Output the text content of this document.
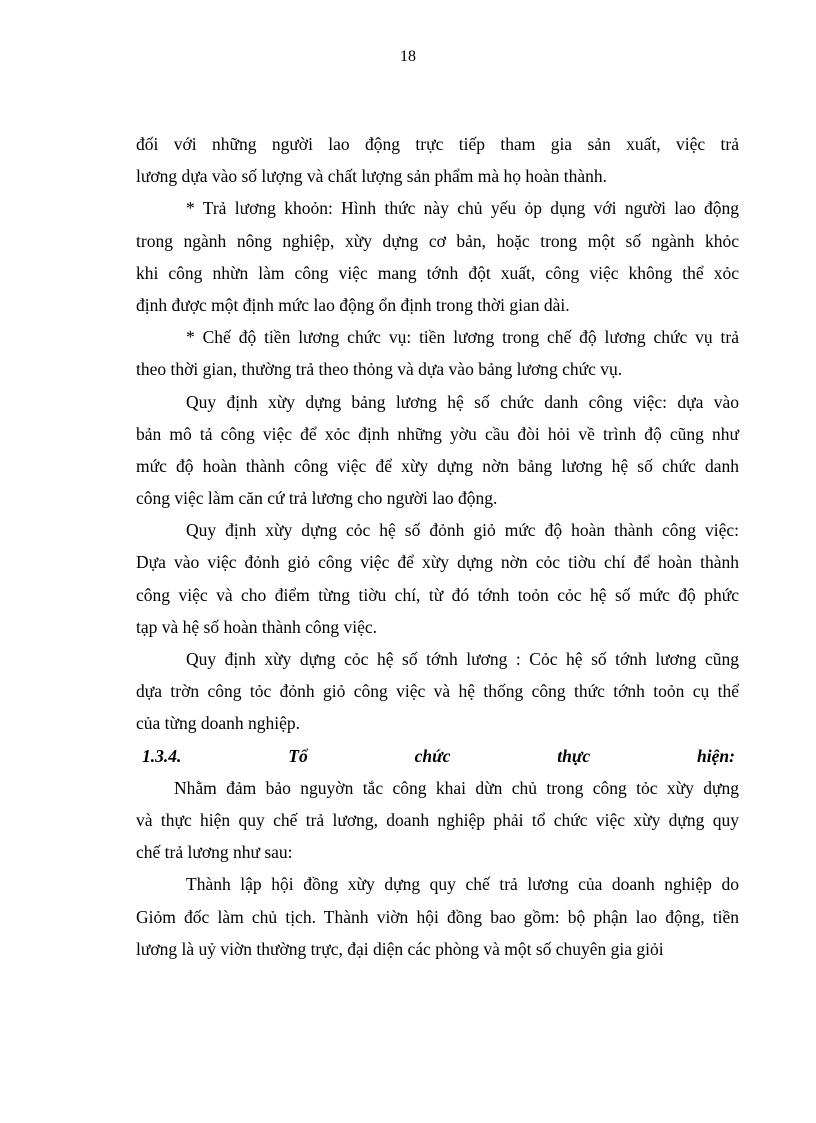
18
đối với những người lao động trực tiếp tham gia sản xuất, việc trả
lương dựa vào số lượng và chất lượng sản phẩm mà họ hoàn thành.
* Trả lương khoỏn: Hình thức này chủ yếu ỏp dụng với người lao động
trong ngành nông nghiệp, xừy dựng cơ bản, hoặc trong một số ngành khỏc
khi công nhừn làm công việc mang tớnh đột xuất, công việc không thể xỏc
định được một định mức lao động ổn định trong thời gian dài.
* Chế độ tiền lương chức vụ: tiền lương trong chế độ lương chức vụ trả
theo thời gian, thường trả theo thỏng và dựa vào bảng lương chức vụ.
Quy định xừy dựng bảng lương hệ số chức danh công việc: dựa vào
bản mô tả công việc để xỏc định những yờu cầu đòi hỏi về trình độ cũng như
mức độ hoàn thành công việc để xừy dựng nờn bảng lương hệ số chức danh
công việc làm căn cứ trả lương cho người lao động.
Quy định xừy dựng cỏc hệ số đỏnh giỏ mức độ hoàn thành công việc:
Dựa vào việc đỏnh giỏ công việc để xừy dựng nờn cỏc tiờu chí để hoàn thành
công việc và cho điểm từng tiờu chí, từ đó tớnh toỏn cỏc hệ số mức độ phức
tạp và hệ số hoàn thành công việc.
Quy định xừy dựng cỏc hệ số tớnh lương : Cỏc hệ số tớnh lương cũng
dựa trờn công tỏc đỏnh giỏ công việc và hệ thống công thức tớnh toỏn cụ thể
của từng doanh nghiệp.
1.3.4.	Tổ	chức	thực	hiện:
Nhằm đảm bảo nguyờn tắc công khai dừn chủ trong công tỏc xừy dựng
và thực hiện quy chế trả lương, doanh nghiệp phải tổ chức việc xừy dựng quy
chế trả lương như sau:
Thành lập hội đồng xừy dựng quy chế trả lương của doanh nghiệp do
Giỏm đốc làm chủ tịch. Thành viờn hội đồng bao gồm: bộ phận lao động, tiền
lương là uỷ viờn thường trực, đại diện các phòng và một số chuyên gia giỏi
